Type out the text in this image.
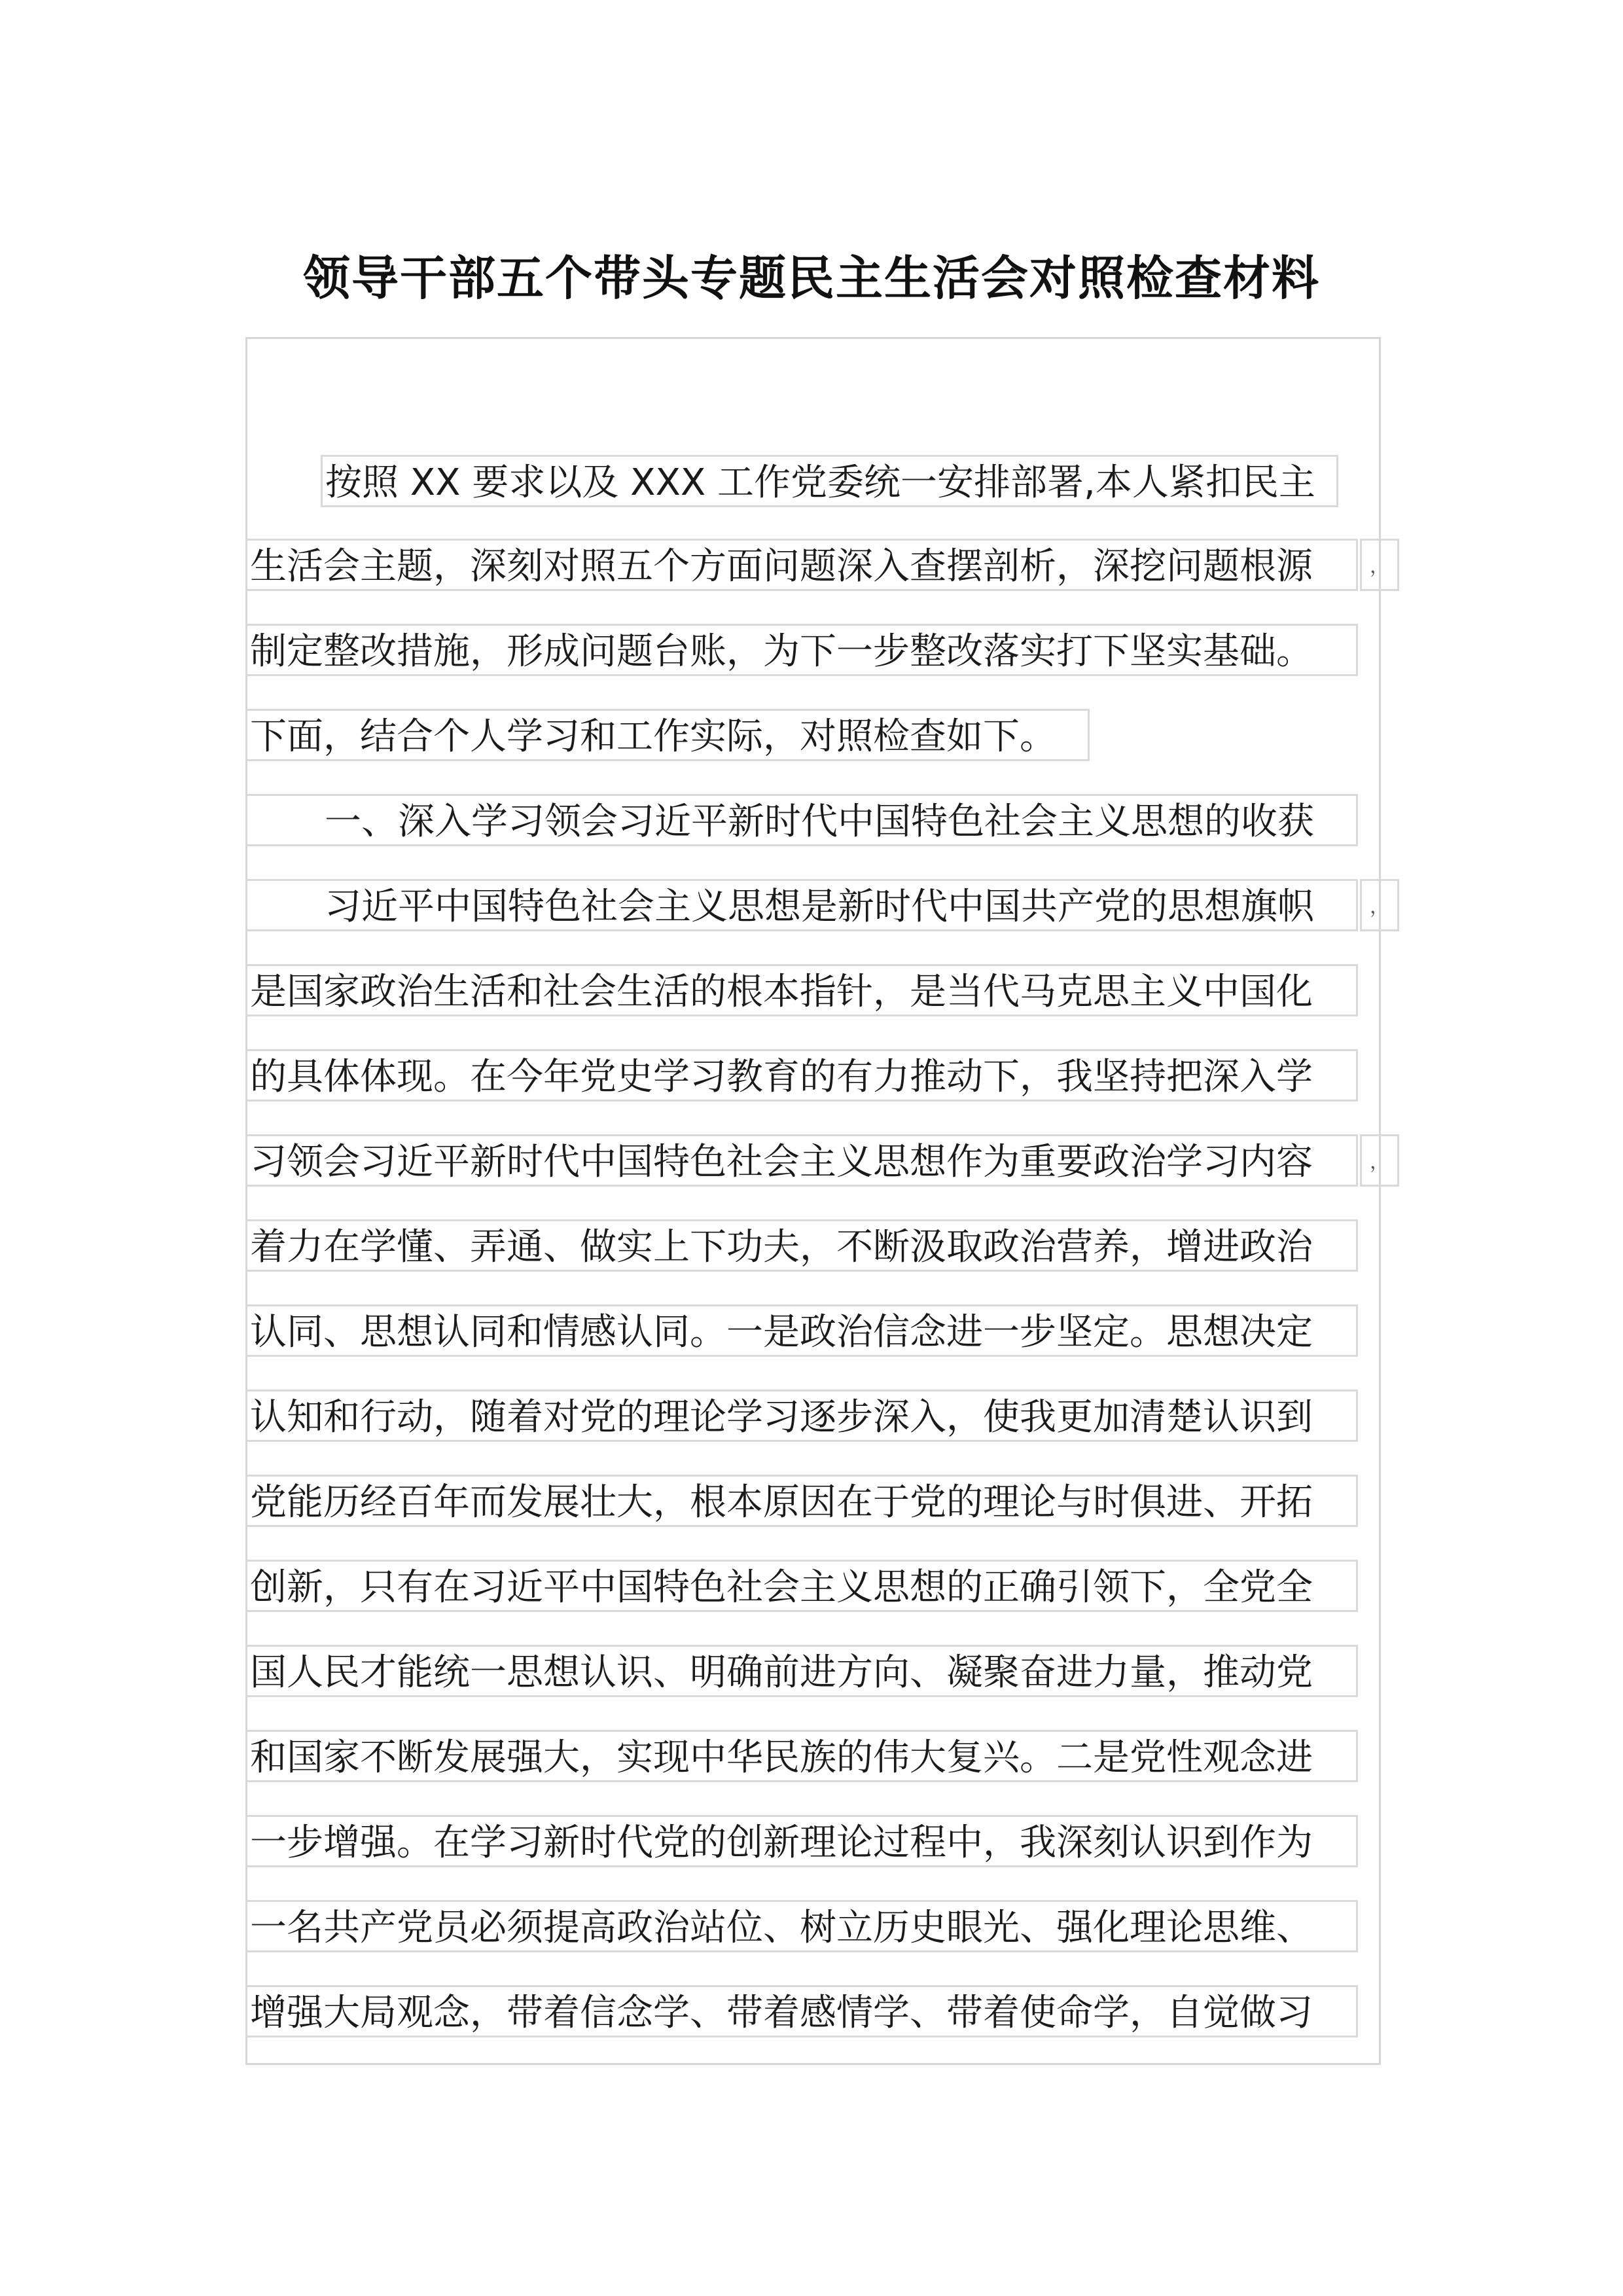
领导干部五个带头专题民主生活会对照检查材料
按照 XX 要求以及 XXX 工作党委统一安排部署,本人紧扣民主
生活会主题，深刻对照五个方面问题深入查摆剖析，深挖问题根源	，
制定整改措施，形成问题台账，为下一步整改落实打下坚实基础。
下面，结合个人学习和工作实际，对照检查如下。
一、深入学习领会习近平新时代中国特色社会主义思想的收获
习近平中国特色社会主义思想是新时代中国共产党的思想旗帜	，
是国家政治生活和社会生活的根本指针，是当代马克思主义中国化
的具体体现。在今年党史学习教育的有力推动下，我坚持把深入学
习领会习近平新时代中国特色社会主义思想作为重要政治学习内容	，
着力在学懂、弄通、做实上下功夫，不断汲取政治营养，增进政治
认同、思想认同和情感认同。一是政治信念进一步坚定。思想决定
认知和行动，随着对党的理论学习逐步深入，使我更加清楚认识到
党能历经百年而发展壮大，根本原因在于党的理论与时俱进、开拓
创新，只有在习近平中国特色社会主义思想的正确引领下，全党全
国人民才能统一思想认识、明确前进方向、凝聚奋进力量，推动党
和国家不断发展强大，实现中华民族的伟大复兴。二是党性观念进
一步增强。在学习新时代党的创新理论过程中，我深刻认识到作为
一名共产党员必须提高政治站位、树立历史眼光、强化理论思维、
增强大局观念，带着信念学、带着感情学、带着使命学，自觉做习
